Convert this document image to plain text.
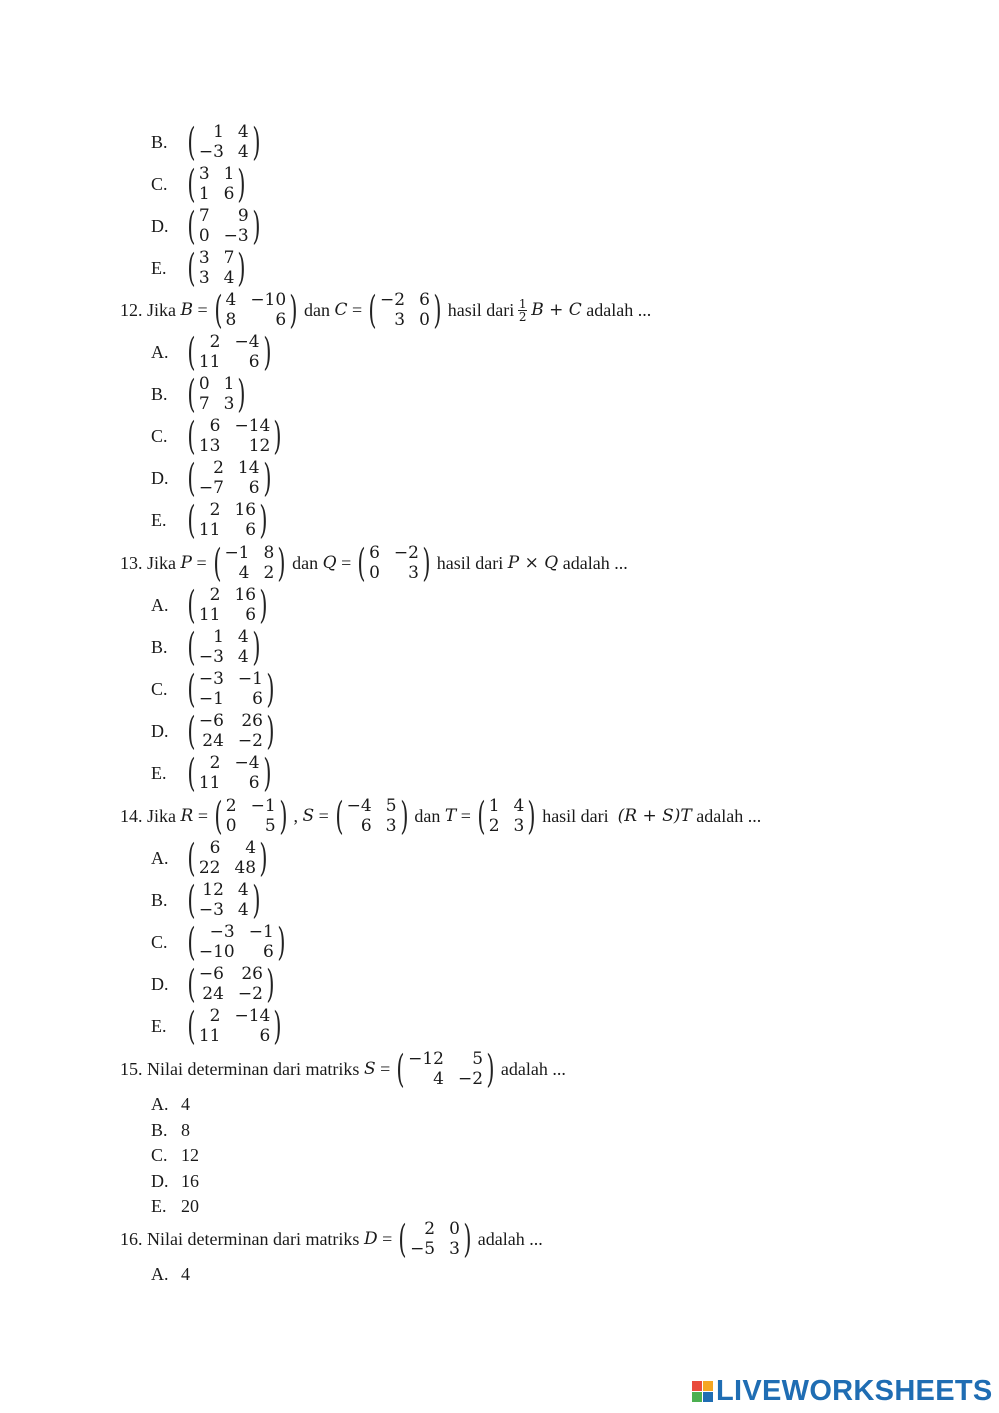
B. (	1 4
−3 4 )
C. ( 3 1
1 6 )
D. ( 7	9
0 −3 )
E. ( 3 7
3 4 )
12. Jika
B
= ( 4 −10
8	6 ) dan
C
= ( −2 6
3 0 ) hasil dari $\frac{1}{2}$ B + C
adalah ...
A. ( 2 −4
11	6 )
B. ( 0 1
7 3 )
C. ( 6 −14
13	12 )
D. (	2 14
−7	6 )
E. ( 2 16
11	6 )
13. Jika
P
= ( −1 8
4 2 ) dan
Q
= ( 6 −2
0	3 ) hasil dari
P × Q
adalah ...
A. ( 2 16
11	6 )
B. (	1 4
−3 4 )
C. ( −3 −1
−1	6 )
D. ( −6 26
24 −2 )
E. ( 2 −4
11	6 )
14. Jika
R
= ( 2 −1
0	5 ) ,
S
= ( −4 5
6 3 ) dan
T
= ( 1 4
2 3 ) hasil dari
(R + S)T
adalah ...
A. ( 6	4
22 48 )
B. ( 12 4
−3 4 )
C. ( −3 −1
−10	6 )
D. ( −6 26
24 −2 )
E. ( 2 −14
11	6 )
15. Nilai determinan dari matriks
S
= ( −12	5
4 −2 ) adalah ...
A. 4
B. 8
C. 12
D. 16
E. 20
16. Nilai determinan dari matriks
D
= (	2 0
−5 3 ) adalah ...
A. 4
LIVEWORKSHEETS
